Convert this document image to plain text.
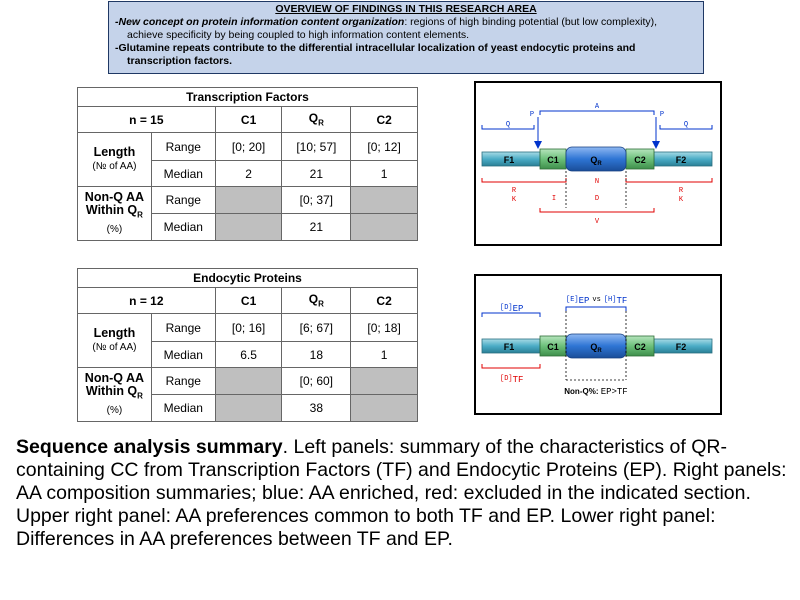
OVERVIEW OF FINDINGS IN THIS RESEARCH AREA

-New concept on protein information content organization: regions of high binding potential (but low complexity),

achieve specificity by being coupled to high information content elements.

-Glutamine repeats contribute to the differential intracellular localization of yeast endocytic proteins and

transcription factors.

Transcription Factors				
n = 15		C1	$Q_R$	C2
Length
(№ of AA)	Range	[0; 20]	[10; 57]	[0; 12]
	Median	2	21	1
Non-Q AA
Within $Q_R$
(%)	Range		[0; 37]	
	Median		21	
Endocytic Proteins				
n = 12		C1	$Q_R$	C2
Length
(№ of AA)	Range	[0; 16]	[6; 67]	[0; 18]
	Median	6.5	18	1
Non-Q AA
Within $Q_R$
(%)	Range		[0; 60]	
	Median		38	
F1	C1	$Q_R$	C2	F2
Q
P
A
P
Q
R
K	I
N
D
V
R
K
[D]EP
[E]EP vs [H]TF
F1	C1	$Q_R$	C2	F2
[D]TF
Non-Q%: EP>TF
Sequence analysis summary. Left panels: summary of the characteristics of QR-containing CC from Transcription Factors (TF) and Endocytic Proteins (EP). Right panels: AA composition summaries; blue: AA enriched, red: excluded in the indicated section. Upper right panel: AA preferences common to both TF and EP. Lower right panel: Differences in AA preferences between TF and EP.
